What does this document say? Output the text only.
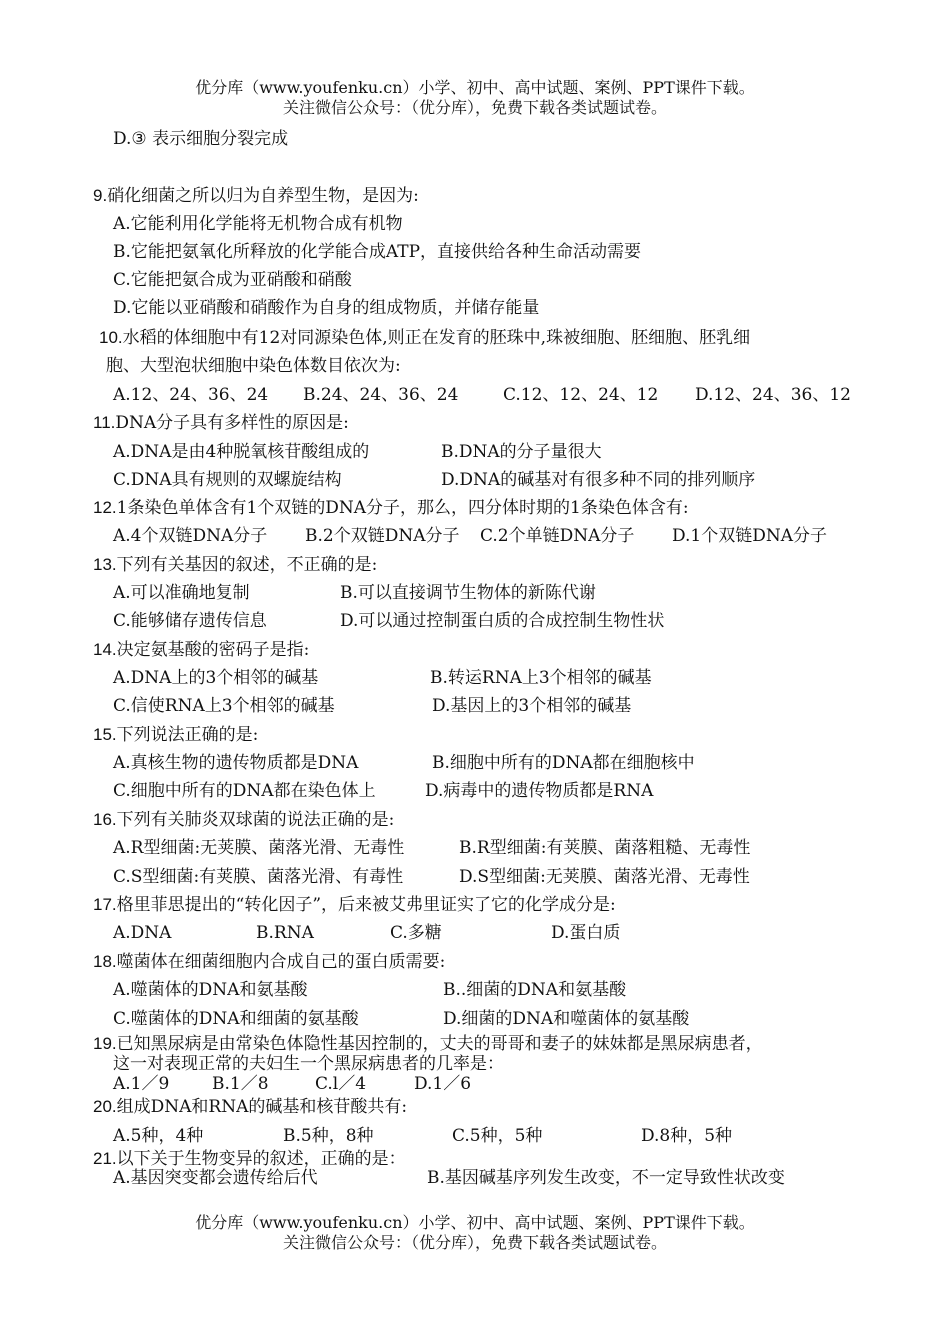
优分库（www.youfenku.cn）小学、初中、高中试题、案例、PPT课件下载。
关注微信公众号：（优分库），免费下载各类试题试卷。
D.③ 表示细胞分裂完成
9.硝化细菌之所以归为自养型生物，是因为:
A.它能利用化学能将无机物合成有机物
B.它能把氨氧化所释放的化学能合成ATP，直接供给各种生命活动需要
C.它能把氨合成为亚硝酸和硝酸
D.它能以亚硝酸和硝酸作为自身的组成物质，并储存能量
10.水稻的体细胞中有12对同源染色体,则正在发育的胚珠中,珠被细胞、胚细胞、胚乳细
胞、大型泡状细胞中染色体数目依次为:
A.12、24、36、24 B.24、24、36、24	C.12、12、24、12 D.12、24、36、12
11.DNA分子具有多样性的原因是:
A.DNA是由4种脱氧核苷酸组成的	B.DNA的分子量很大
C.DNA具有规则的双螺旋结构	D.DNA的碱基对有很多种不同的排列顺序
12.1条染色单体含有1个双链的DNA分子，那么，四分体时期的1条染色体含有:
A.4个双链DNA分子 B.2个双链DNA分子 C.2个单链DNA分子 D.1个双链DNA分子
13.下列有关基因的叙述，不正确的是:
A.可以准确地复制	B.可以直接调节生物体的新陈代谢
C.能够储存遗传信息	D.可以通过控制蛋白质的合成控制生物性状
14.决定氨基酸的密码子是指:
A.DNA上的3个相邻的碱基	B.转运RNA上3个相邻的碱基
C.信使RNA上3个相邻的碱基	D.基因上的3个相邻的碱基
15.下列说法正确的是:
A.真核生物的遗传物质都是DNA	B.细胞中所有的DNA都在细胞核中
C.细胞中所有的DNA都在染色体上	D.病毒中的遗传物质都是RNA
16.下列有关肺炎双球菌的说法正确的是:
A.R型细菌:无荚膜、菌落光滑、无毒性	B.R型细菌:有荚膜、菌落粗糙、无毒性
C.S型细菌:有荚膜、菌落光滑、有毒性	D.S型细菌:无荚膜、菌落光滑、无毒性
17.格里菲思提出的“转化因子”，后来被艾弗里证实了它的化学成分是:
A.DNA	B.RNA	C.多糖	D.蛋白质
18.噬菌体在细菌细胞内合成自己的蛋白质需要:
A.噬菌体的DNA和氨基酸	B..细菌的DNA和氨基酸
C.噬菌体的DNA和细菌的氨基酸	D.细菌的DNA和噬菌体的氨基酸
19.已知黑尿病是由常染色体隐性基因控制的，丈夫的哥哥和妻子的妹妹都是黑尿病患者，
这一对表现正常的夫妇生一个黑尿病患者的几率是：
A.1／9	B.1／8	C.l／4	D.1／6
20.组成DNA和RNA的碱基和核苷酸共有:
A.5种，4种	B.5种，8种	C.5种，5种	D.8种，5种
21.以下关于生物变异的叙述，正确的是：
A.基因突变都会遗传给后代	B.基因碱基序列发生改变，不一定导致性状改变
优分库（www.youfenku.cn）小学、初中、高中试题、案例、PPT课件下载。
关注微信公众号：（优分库），免费下载各类试题试卷。
